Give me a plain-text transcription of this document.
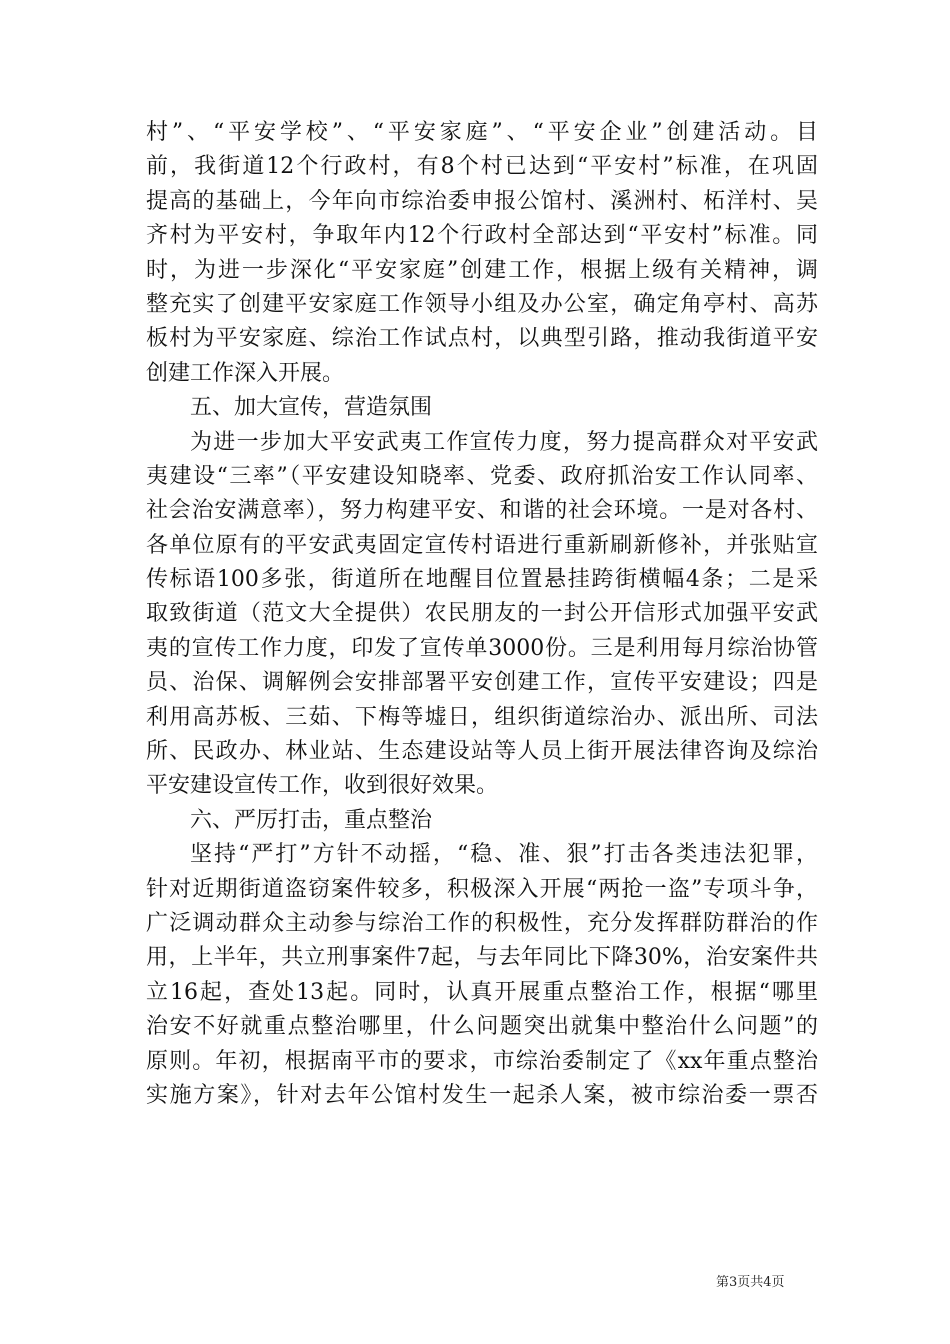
村”、“平安学校”、“平安家庭”、“平安企业”创建活动。目
前，我街道12个行政村，有8个村已达到“平安村”标准，在巩固
提高的基础上，今年向市综治委申报公馆村、溪洲村、柘洋村、吴
齐村为平安村，争取年内12个行政村全部达到“平安村”标准。同
时，为进一步深化“平安家庭”创建工作，根据上级有关精神，调
整充实了创建平安家庭工作领导小组及办公室，确定角亭村、高苏
板村为平安家庭、综治工作试点村，以典型引路，推动我街道平安
创建工作深入开展。
五、加大宣传，营造氛围
为进一步加大平安武夷工作宣传力度，努力提高群众对平安武
夷建设“三率”（平安建设知晓率、党委、政府抓治安工作认同率、
社会治安满意率），努力构建平安、和谐的社会环境。一是对各村、
各单位原有的平安武夷固定宣传村语进行重新刷新修补，并张贴宣
传标语100多张，街道所在地醒目位置悬挂跨街横幅4条；二是采
取致街道（范文大全提供）农民朋友的一封公开信形式加强平安武
夷的宣传工作力度，印发了宣传单3000份。三是利用每月综治协管
员、治保、调解例会安排部署平安创建工作，宣传平安建设；四是
利用高苏板、三茹、下梅等墟日，组织街道综治办、派出所、司法
所、民政办、林业站、生态建设站等人员上街开展法律咨询及综治
平安建设宣传工作，收到很好效果。
六、严厉打击，重点整治
坚持“严打”方针不动摇，“稳、准、狠”打击各类违法犯罪，
针对近期街道盗窃案件较多，积极深入开展“两抢一盗”专项斗争，
广泛调动群众主动参与综治工作的积极性，充分发挥群防群治的作
用，上半年，共立刑事案件7起，与去年同比下降30%，治安案件共
立16起，查处13起。同时，认真开展重点整治工作，根据“哪里
治安不好就重点整治哪里，什么问题突出就集中整治什么问题”的
原则。年初，根据南平市的要求，市综治委制定了《xx年重点整治
实施方案》，针对去年公馆村发生一起杀人案，被市综治委一票否
第3页共4页
